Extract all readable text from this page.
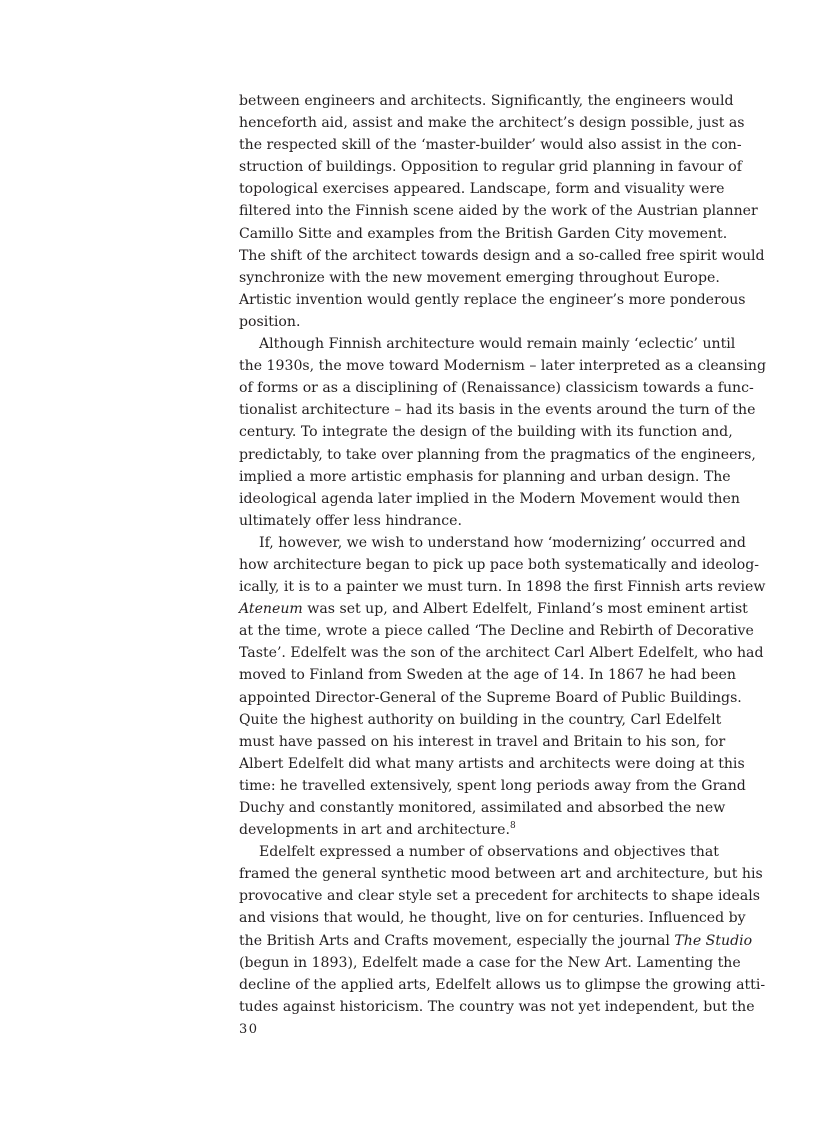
between engineers and architects. Significantly, the engineers would
henceforth aid, assist and make the architect’s design possible, just as
the respected skill of the ‘master-builder’ would also assist in the con-
struction of buildings. Opposition to regular grid planning in favour of
topological exercises appeared. Landscape, form and visuality were
filtered into the Finnish scene aided by the work of the Austrian planner
Camillo Sitte and examples from the British Garden City movement.
The shift of the architect towards design and a so-called free spirit would
synchronize with the new movement emerging throughout Europe.
Artistic invention would gently replace the engineer’s more ponderous
position.
Although Finnish architecture would remain mainly ‘eclectic’ until
the 1930s, the move toward Modernism – later interpreted as a cleansing
of forms or as a disciplining of (Renaissance) classicism towards a func-
tionalist architecture – had its basis in the events around the turn of the
century. To integrate the design of the building with its function and,
predictably, to take over planning from the pragmatics of the engineers,
implied a more artistic emphasis for planning and urban design. The
ideological agenda later implied in the Modern Movement would then
ultimately offer less hindrance.
If, however, we wish to understand how ‘modernizing’ occurred and
how architecture began to pick up pace both systematically and ideolog-
ically, it is to a painter we must turn. In 1898 the first Finnish arts review
Ateneum was set up, and Albert Edelfelt, Finland’s most eminent artist
at the time, wrote a piece called ‘The Decline and Rebirth of Decorative
Taste’. Edelfelt was the son of the architect Carl Albert Edelfelt, who had
moved to Finland from Sweden at the age of 14. In 1867 he had been
appointed Director-General of the Supreme Board of Public Buildings.
Quite the highest authority on building in the country, Carl Edelfelt
must have passed on his interest in travel and Britain to his son, for
Albert Edelfelt did what many artists and architects were doing at this
time: he travelled extensively, spent long periods away from the Grand
Duchy and constantly monitored, assimilated and absorbed the new
developments in art and architecture.$^8$
Edelfelt expressed a number of observations and objectives that
framed the general synthetic mood between art and architecture, but his
provocative and clear style set a precedent for architects to shape ideals
and visions that would, he thought, live on for centuries. Influenced by
the British Arts and Crafts movement, especially the journal The Studio
(begun in 1893), Edelfelt made a case for the New Art. Lamenting the
decline of the applied arts, Edelfelt allows us to glimpse the growing atti-
tudes against historicism. The country was not yet independent, but the
30
